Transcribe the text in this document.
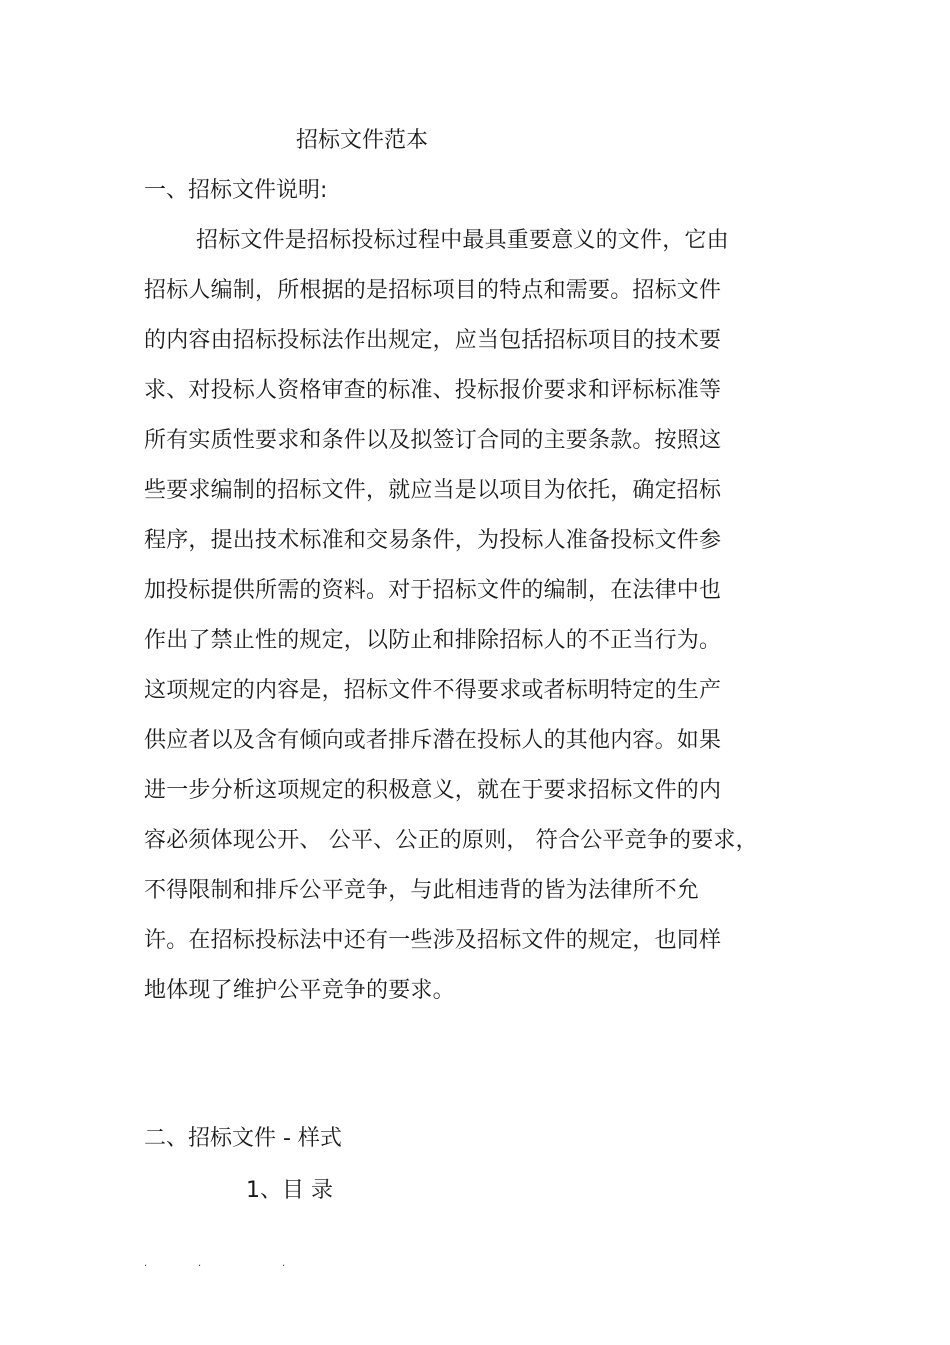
招标文件范本
一、招标文件说明:
招标文件是招标投标过程中最具重要意义的文件，它由
招标人编制，所根据的是招标项目的特点和需要。招标文件
的内容由招标投标法作出规定，应当包括招标项目的技术要
求、对投标人资格审查的标准、投标报价要求和评标标准等
所有实质性要求和条件以及拟签订合同的主要条款。按照这
些要求编制的招标文件，就应当是以项目为依托，确定招标
程序，提出技术标准和交易条件，为投标人准备投标文件参
加投标提供所需的资料。对于招标文件的编制，在法律中也
作出了禁止性的规定，以防止和排除招标人的不正当行为。
这项规定的内容是，招标文件不得要求或者标明特定的生产
供应者以及含有倾向或者排斥潜在投标人的其他内容。如果
进一步分析这项规定的积极意义，就在于要求招标文件的内
容必须体现公开、 公平、公正的原则， 符合公平竞争的要求，
不得限制和排斥公平竞争，与此相违背的皆为法律所不允
许。在招标投标法中还有一些涉及招标文件的规定，也同样
地体现了维护公平竞争的要求。
二、招标文件 - 样式
1、目 录
.	.	.
